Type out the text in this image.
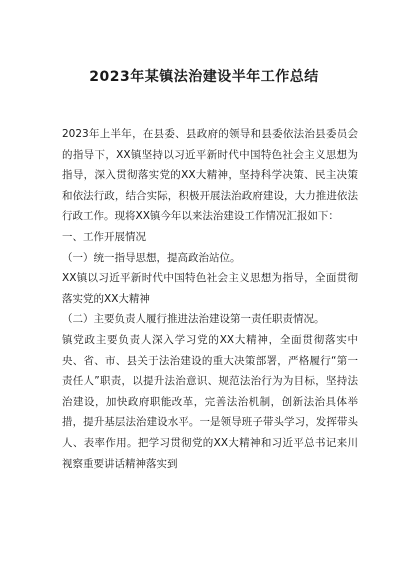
2023年某镇法治建设半年工作总结

2023年上半年，在县委、县政府的领导和县委依法治县委员会的指导下，XX镇坚持以习近平新时代中国特色社会主义思想为指导，深入贯彻落实党的XX大精神，坚持科学决策、民主决策和依法行政，结合实际，积极开展法治政府建设，大力推进依法行政工作。现将XX镇今年以来法治建设工作情况汇报如下：

一、工作开展情况

（一）统一指导思想，提高政治站位。

XX镇以习近平新时代中国特色社会主义思想为指导，全面贯彻落实党的XX大精神

（二）主要负责人履行推进法治建设第一责任职责情况。

镇党政主要负责人深入学习党的XX大精神，全面贯彻落实中央、省、市、县关于法治建设的重大决策部署，严格履行“第一责任人”职责，以提升法治意识、规范法治行为为目标，坚持法治建设，加快政府职能改革，完善法治机制，创新法治具体举措，提升基层法治建设水平。一是领导班子带头学习，发挥带头人、表率作用。把学习贯彻党的XX大精神和习近平总书记来川视察重要讲话精神落实到
